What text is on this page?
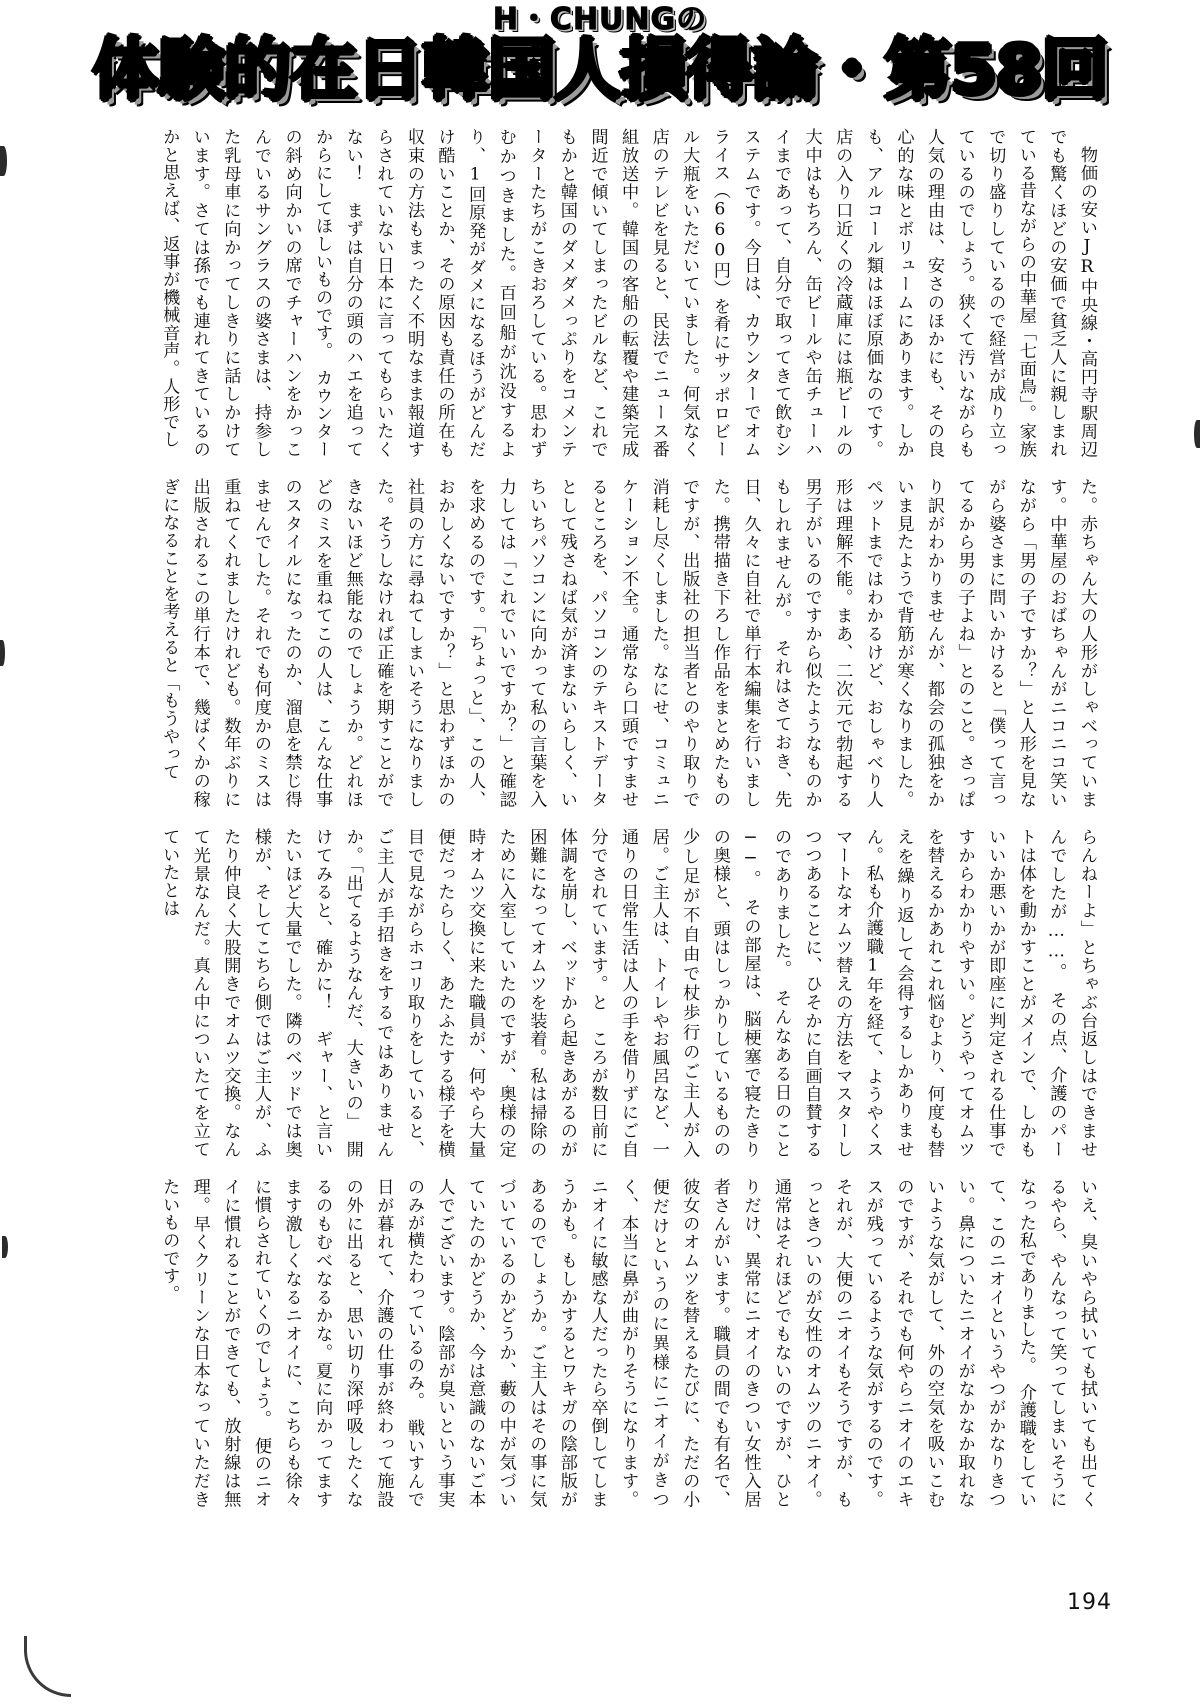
H・CHUNGの
体験的在日韓国人損得論・第58回
　物価の安いJR中央線・高円寺駅周辺でも驚くほどの安価で貧乏人に親しまれている昔ながらの中華屋「七面鳥」。家族で切り盛りしているので経営が成り立っているのでしょう。狭くて汚いながらも人気の理由は、安さのほかにも、その良心的な味とボリュームにあります。しかも、アルコール類はほぼ原価なのです。店の入り口近くの冷蔵庫には瓶ビールの大中はもちろん、缶ビールや缶チューハイまであって、自分で取ってきて飲むシステムです。今日は、カウンターでオムライス（660円）を肴にサッポロビール大瓶をいただいていました。何気なく店のテレビを見ると、民法でニュース番組放送中。韓国の客船の転覆や建築完成間近で傾いてしまったビルなど、これでもかと韓国のダメダメっぷりをコメンテーターたちがこきおろしている。思わずむかつきました。百回船が沈没するより、1回原発がダメになるほうがどんだけ酷いことか、その原因も責任の所在も収束の方法もまったく不明なまま報道すらされていない日本に言ってもらいたくない！　まずは自分の頭のハエを追ってからにしてほしいものです。　カウンターの斜め向かいの席でチャーハンをかっこんでいるサングラスの婆さまは、持参した乳母車に向かってしきりに話しかけています。さては孫でも連れてきているのかと思えば、返事が機械音声。人形でし
た。赤ちゃん大の人形がしゃべっています。中華屋のおばちゃんがニコニコ笑いながら「男の子ですか？」と人形を見ながら婆さまに問いかけると「僕って言ってるから男の子よね」とのこと。さっぱり訳がわかりませんが、都会の孤独をかいま見たようで背筋が寒くなりました。ペットまではわかるけど、おしゃべり人形は理解不能。まあ、二次元で勃起する男子がいるのですから似たようなものかもしれませんが。　それはさておき、先日、久々に自社で単行本編集を行いました。携帯描き下ろし作品をまとめたものですが、出版社の担当者とのやり取りで消耗し尽くしました。なにせ、コミュニケーション不全。通常なら口頭ですませるところを、パソコンのテキストデータとして残さねば気が済まないらしく、いちいちパソコンに向かって私の言葉を入力しては「これでいいですか？」と確認を求めるのです。「ちょっと」、この人、おかしくないですか？」と思わずほかの社員の方に尋ねてしまいそうになりました。そうしなければ正確を期すことができないほど無能なのでしょうか。どれほどのミスを重ねてこの人は、こんな仕事のスタイルになったのか、溜息を禁じ得ませんでした。それでも何度かのミスは重ねてくれましたけれども。数年ぶりに出版されるこの単行本で、幾ばくかの稼ぎになることを考えると「もうやって
らんねーよ」とちゃぶ台返しはできませんでしたが……。　その点、介護のパートは体を動かすことがメインで、しかもいいか悪いかが即座に判定される仕事ですからわかりやすい。どうやってオムツを替えるかあれこれ悩むより、何度も替えを繰り返して会得するしかありません。私も介護職1年を経て、ようやくスマートなオムツ替えの方法をマスターしつつあることに、ひそかに自画自賛するのでありました。　そんなある日のこと──。　その部屋は、脳梗塞で寝たきりの奥様と、頭はしっかりしているものの少し足が不自由で杖歩行のご主人が入居。ご主人は、トイレやお風呂など、一通りの日常生活は人の手を借りずにご自分でされています。と　ころが数日前に体調を崩し、ベッドから起きあがるのが困難になってオムツを装着。私は掃除のために入室していたのですが、奥様の定時オムツ交換に来た職員が、何やら大量便だったらしく、あたふたする様子を横目で見ながらホコリ取りをしていると、ご主人が手招きをするではありませんか。「出てるようなんだ、大きいの」　開けてみると、確かに！　ギャー、と言いたいほど大量でした。隣のベッドでは奥様が、そしてこちら側ではご主人が、ふたり仲良く大股開きでオムツ交換。なんて光景なんだ。真ん中についたてを立てていたとは
いえ、臭いやら拭いても拭いても出てくるやら、やんなって笑ってしまいそうになった私でありました。　介護職をしていて、このニオイというやつがかなりきつい。鼻についたニオイがなかなか取れないような気がして、外の空気を吸いこむのですが、それでも何やらニオイのエキスが残っているような気がするのです。それが、大便のニオイもそうですが、もっときついのが女性のオムツのニオイ。通常はそれほどでもないのですが、ひとりだけ、異常にニオイのきつい女性入居者さんがいます。職員の間でも有名で、彼女のオムツを替えるたびに、ただの小便だけというのに異様にニオイがきつく、本当に鼻が曲がりそうになります。ニオイに敏感な人だったら卒倒してしまうかも。もしかするとワキガの陰部版があるのでしょうか。ご主人はその事に気づいているのかどうか、藪の中が気づいていたのかどうか、今は意識のないご本人でございます。陰部が臭いという事実のみが横たわっているのみ。　戦いすんで日が暮れて、介護の仕事が終わって施設の外に出ると、思い切り深呼吸したくなるのもむべなるかな。夏に向かってますます激しくなるニオイに、こちらも徐々に慣らされていくのでしょう。　便のニオイに慣れることができても、放射線は無理。早くクリーンな日本なっていただきたいものです。
194
